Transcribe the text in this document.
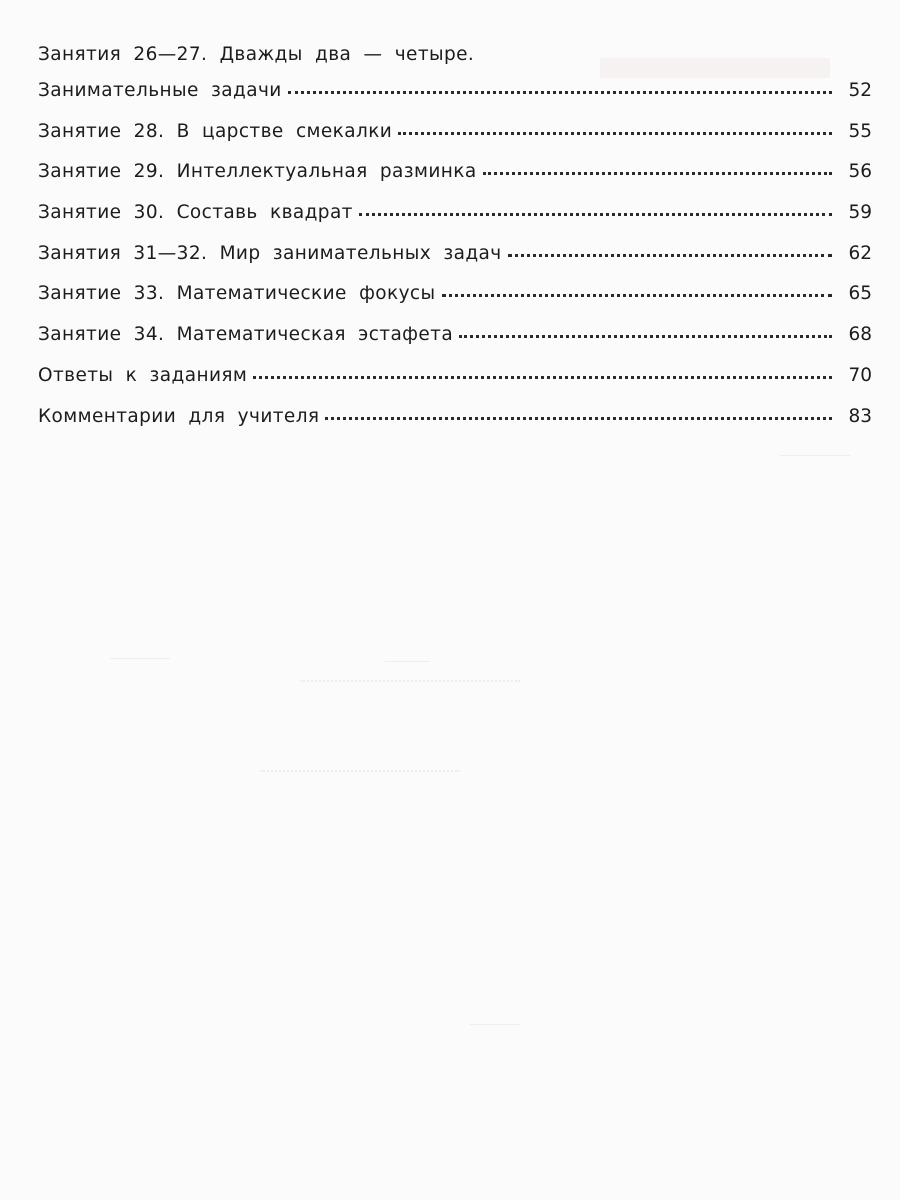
Занятия 26—27. Дважды два — четыре.
Занимательные задачи	52
Занятие 28. В царстве смекалки	55
Занятие 29. Интеллектуальная разминка	56
Занятие 30. Составь квадрат	59
Занятия 31—32. Мир занимательных задач	62
Занятие 33. Математические фокусы	65
Занятие 34. Математическая эстафета	68
Ответы к заданиям	70
Комментарии для учителя	83
